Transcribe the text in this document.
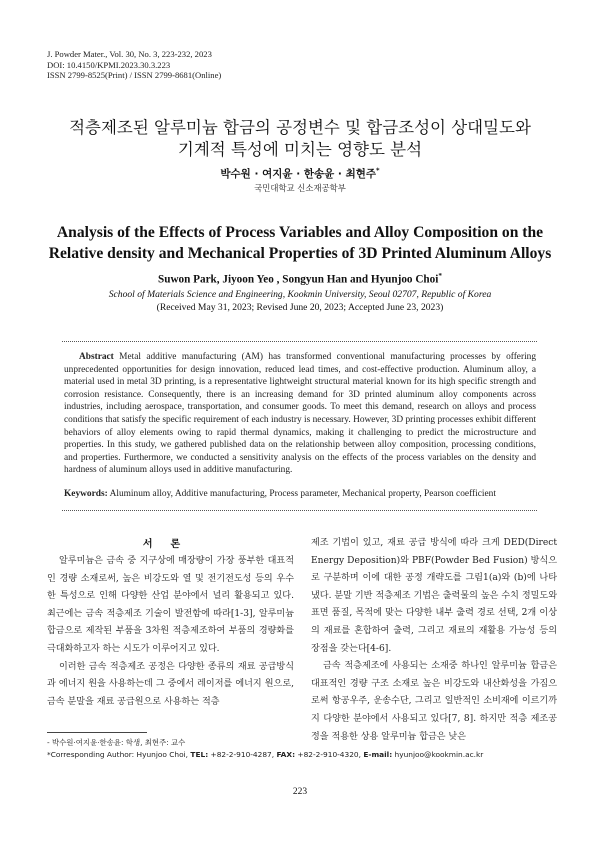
J. Powder Mater., Vol. 30, No. 3, 223-232, 2023
DOI: 10.4150/KPMI.2023.30.3.223
ISSN 2799-8525(Print) / ISSN 2799-8681(Online)
적층제조된 알루미늄 합금의 공정변수 및 합금조성이 상대밀도와
기계적 특성에 미치는 영향도 분석
박수원 · 여지윤 · 한송윤 · 최현주*
국민대학교 신소재공학부
Analysis of the Effects of Process Variables and Alloy Composition on the
Relative density and Mechanical Properties of 3D Printed Aluminum Alloys
Suwon Park, Jiyoon Yeo , Songyun Han and Hyunjoo Choi*
School of Materials Science and Engineering, Kookmin University, Seoul 02707, Republic of Korea
(Received May 31, 2023; Revised June 20, 2023; Accepted June 23, 2023)
Abstract Metal additive manufacturing (AM) has transformed conventional manufacturing processes by offering unprecedented opportunities for design innovation, reduced lead times, and cost-effective production. Aluminum alloy, a material used in metal 3D printing, is a representative lightweight structural material known for its high specific strength and corrosion resistance. Consequently, there is an increasing demand for 3D printed aluminum alloy components across industries, including aerospace, transportation, and consumer goods. To meet this demand, research on alloys and process conditions that satisfy the specific requirement of each industry is necessary. However, 3D printing processes exhibit different behaviors of alloy elements owing to rapid thermal dynamics, making it challenging to predict the microstructure and properties. In this study, we gathered published data on the relationship between alloy composition, processing conditions, and properties. Furthermore, we conducted a sensitivity analysis on the effects of the process variables on the density and hardness of aluminum alloys used in additive manufacturing.
Keywords: Aluminum alloy, Additive manufacturing, Process parameter, Mechanical property, Pearson coefficient
서론

알루미늄은 금속 중 지구상에 매장량이 가장 풍부한 대표적인 경량 소재로써, 높은 비강도와 열 및 전기전도성 등의 우수한 특성으로 인해 다양한 산업 분야에서 널리 활용되고 있다. 최근에는 금속 적층제조 기술이 발전함에 따라[1-3], 알루미늄 합금으로 제작된 부품을 3차원 적층제조하여 부품의 경량화를 극대화하고자 하는 시도가 이루어지고 있다.

이러한 금속 적층제조 공정은 다양한 종류의 재료 공급방식과 에너지 원을 사용하는데 그 중에서 레이저를 에너지 원으로, 금속 분말을 재료 공급원으로 사용하는 적층

제조 기법이 있고, 재료 공급 방식에 따라 크게 DED(Direct Energy Deposition)와 PBF(Powder Bed Fusion) 방식으로 구분하며 이에 대한 공정 개략도를 그림1(a)와 (b)에 나타냈다. 분말 기반 적층제조 기법은 출력물의 높은 수치 정밀도와 표면 품질, 목적에 맞는 다양한 내부 출력 경로 선택, 2개 이상의 재료를 혼합하여 출력, 그리고 재료의 재활용 가능성 등의 장점을 갖는다[4-6].

금속 적층제조에 사용되는 소재중 하나인 알루미늄 합금은 대표적인 경량 구조 소재로 높은 비강도와 내산화성을 가짐으로써 항공우주, 운송수단, 그리고 일반적인 소비재에 이르기까지 다양한 분야에서 사용되고 있다[7, 8]. 하지만 적층 제조공정을 적용한 상용 알루미늄 합금은 낮은

- 박수원·여지윤·한송윤: 학생, 최현주: 교수
*Corresponding Author: Hyunjoo Choi, TEL: +82-2-910-4287, FAX: +82-2-910-4320, E-mail: hyunjoo@kookmin.ac.kr
223
